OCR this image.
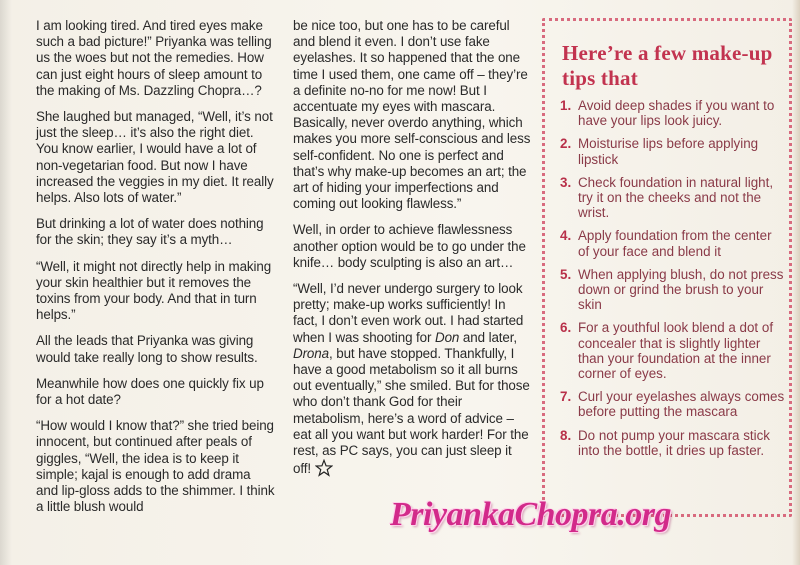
I am looking tired. And tired eyes make such a bad picture!” Priyanka was telling us the woes but not the remedies. How can just eight hours of sleep amount to the making of Ms. Dazzling Chopra…?

She laughed but managed, “Well, it’s not just the sleep… it’s also the right diet. You know earlier, I would have a lot of non-vegetarian food. But now I have increased the veggies in my diet. It really helps. Also lots of water.”

But drinking a lot of water does nothing for the skin; they say it’s a myth…

“Well, it might not directly help in making your skin healthier but it removes the toxins from your body. And that in turn helps.”

All the leads that Priyanka was giving would take really long to show results.

Meanwhile how does one quickly fix up for a hot date?

“How would I know that?” she tried being innocent, but continued after peals of giggles, “Well, the idea is to keep it simple; kajal is enough to add drama and lip-gloss adds to the shimmer. I think a little blush would

be nice too, but one has to be careful and blend it even. I don’t use fake eyelashes. It so happened that the one time I used them, one came off – they’re a definite no-no for me now! But I accentuate my eyes with mascara. Basically, never overdo anything, which makes you more self-conscious and less self-confident. No one is perfect and that’s why make-up becomes an art; the art of hiding your imperfections and coming out looking flawless.”

Well, in order to achieve flawlessness another option would be to go under the knife… body sculpting is also an art…

“Well, I’d never undergo surgery to look pretty; make-up works sufficiently! In fact, I don’t even work out. I had started when I was shooting for Don and later, Drona, but have stopped. Thankfully, I have a good metabolism so it all burns out eventually,” she smiled. But for those who don’t thank God for their metabolism, here’s a word of advice – eat all you want but work harder! For the rest, as PC says, you can just sleep it off!

Here’re a few make-up tips that
1. Avoid deep shades if you want to have your lips look juicy.
2. Moisturise lips before applying lipstick
3. Check foundation in natural light, try it on the cheeks and not the wrist.
4. Apply foundation from the center of your face and blend it
5. When applying blush, do not press down or grind the brush to your skin
6. For a youthful look blend a dot of concealer that is slightly lighter than your foundation at the inner corner of eyes.
7. Curl your eyelashes always comes before putting the mascara
8. Do not pump your mascara stick into the bottle, it dries up faster.
PriyankaChopra.org
